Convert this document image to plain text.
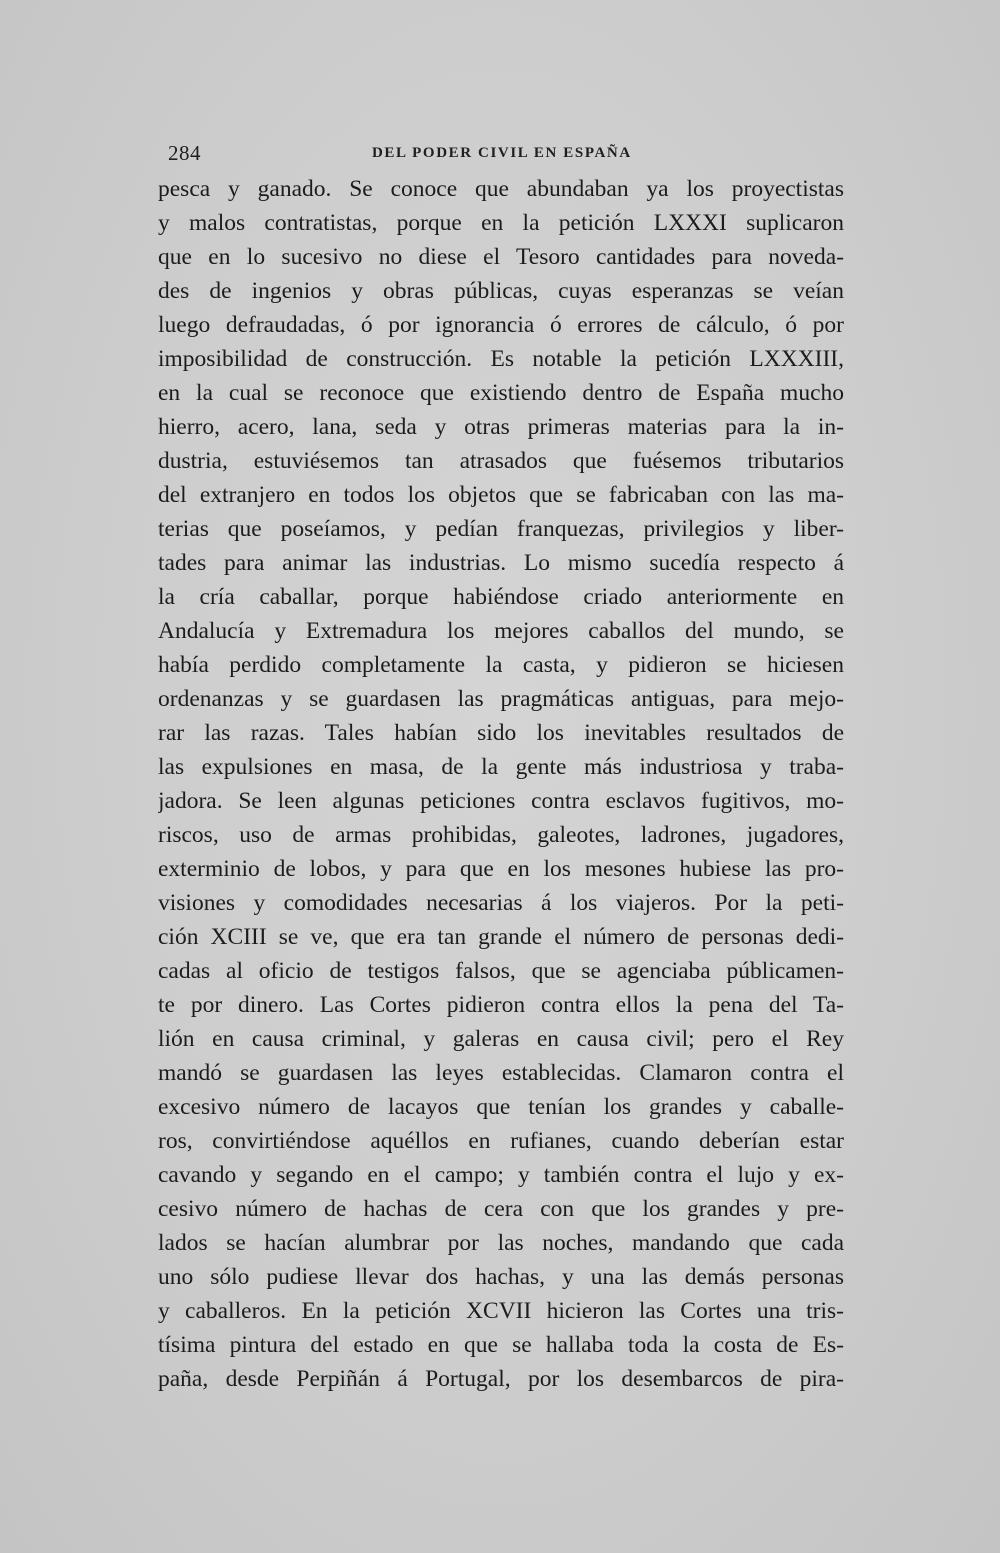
284	DEL PODER CIVIL EN ESPAÑA
pesca y ganado. Se conoce que abundaban ya los proyectistas
y malos contratistas, porque en la petición LXXXI suplicaron
que en lo sucesivo no diese el Tesoro cantidades para noveda-
des de ingenios y obras públicas, cuyas esperanzas se veían
luego defraudadas, ó por ignorancia ó errores de cálculo, ó por
imposibilidad de construcción. Es notable la petición LXXXIII,
en la cual se reconoce que existiendo dentro de España mucho
hierro, acero, lana, seda y otras primeras materias para la in-
dustria, estuviésemos tan atrasados que fuésemos tributarios
del extranjero en todos los objetos que se fabricaban con las ma-
terias que poseíamos, y pedían franquezas, privilegios y liber-
tades para animar las industrias. Lo mismo sucedía respecto á
la cría caballar, porque habiéndose criado anteriormente en
Andalucía y Extremadura los mejores caballos del mundo, se
había perdido completamente la casta, y pidieron se hiciesen
ordenanzas y se guardasen las pragmáticas antiguas, para mejo-
rar las razas. Tales habían sido los inevitables resultados de
las expulsiones en masa, de la gente más industriosa y traba-
jadora. Se leen algunas peticiones contra esclavos fugitivos, mo-
riscos, uso de armas prohibidas, galeotes, ladrones, jugadores,
exterminio de lobos, y para que en los mesones hubiese las pro-
visiones y comodidades necesarias á los viajeros. Por la peti-
ción XCIII se ve, que era tan grande el número de personas dedi-
cadas al oficio de testigos falsos, que se agenciaba públicamen-
te por dinero. Las Cortes pidieron contra ellos la pena del Ta-
lión en causa criminal, y galeras en causa civil; pero el Rey
mandó se guardasen las leyes establecidas. Clamaron contra el
excesivo número de lacayos que tenían los grandes y caballe-
ros, convirtiéndose aquéllos en rufianes, cuando deberían estar
cavando y segando en el campo; y también contra el lujo y ex-
cesivo número de hachas de cera con que los grandes y pre-
lados se hacían alumbrar por las noches, mandando que cada
uno sólo pudiese llevar dos hachas, y una las demás personas
y caballeros. En la petición XCVII hicieron las Cortes una tris-
tísima pintura del estado en que se hallaba toda la costa de Es-
paña, desde Perpiñán á Portugal, por los desembarcos de pira-
